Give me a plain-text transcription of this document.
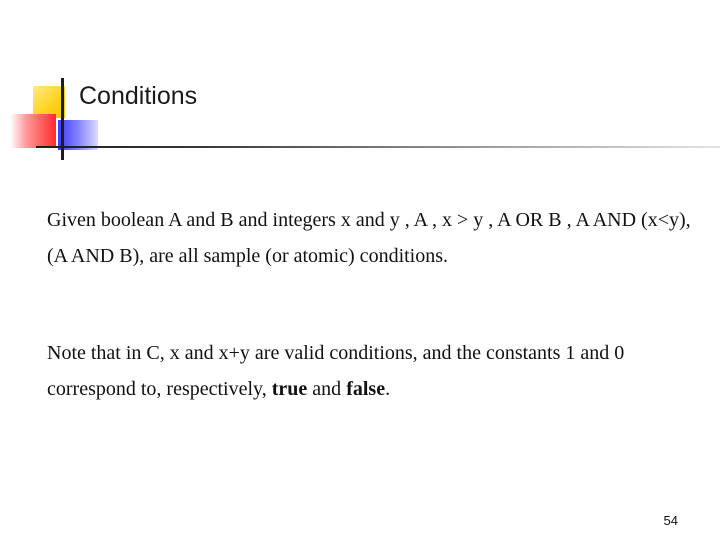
Conditions

Given boolean A and B and integers x and y , A , x > y , A OR B , A AND (x<y), (A AND B), are all sample (or atomic) conditions.

Note that in C, x and x+y are valid conditions, and the constants 1 and 0 correspond to, respectively, true and false.

54
